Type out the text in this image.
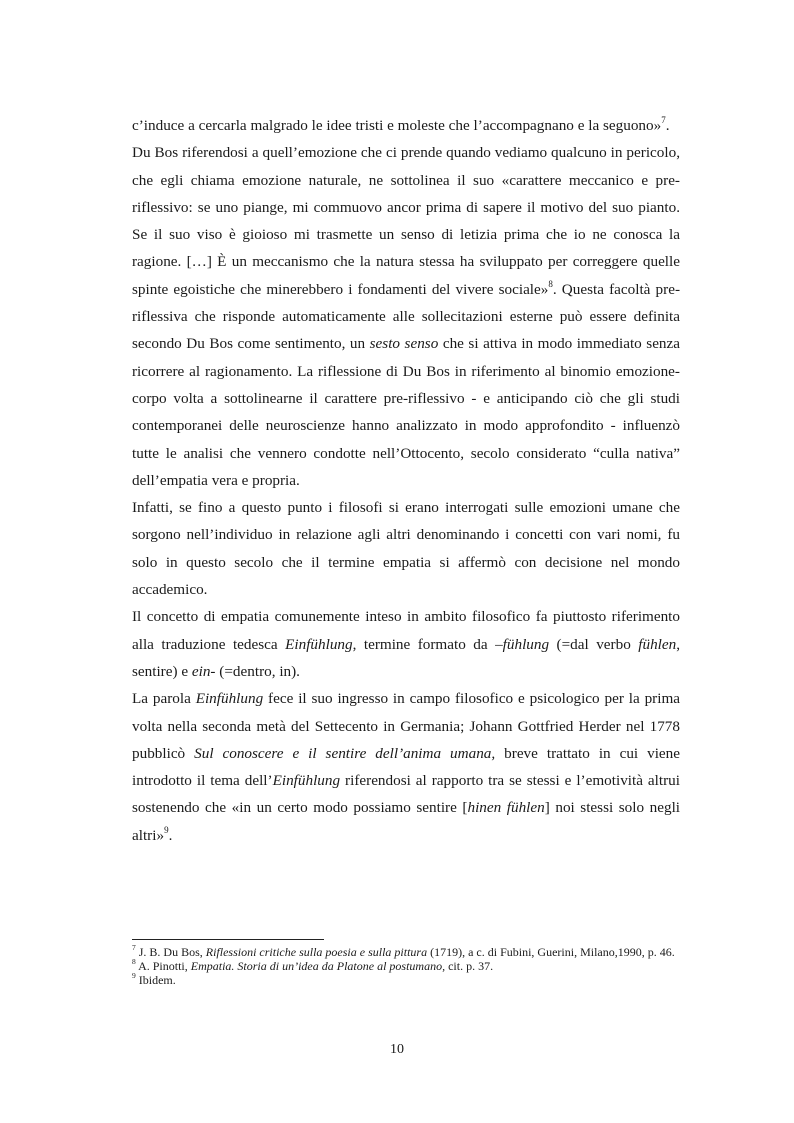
c’induce a cercarla malgrado le idee tristi e moleste che l’accompagnano e la seguono»$^7$.

Du Bos riferendosi a quell’emozione che ci prende quando vediamo qualcuno in pericolo, che egli chiama emozione naturale, ne sottolinea il suo «carattere meccanico e pre-riflessivo: se uno piange, mi commuovo ancor prima di sapere il motivo del suo pianto. Se il suo viso è gioioso mi trasmette un senso di letizia prima che io ne conosca la ragione. […] È un meccanismo che la natura stessa ha sviluppato per correggere quelle spinte egoistiche che minerebbero i fondamenti del vivere sociale»$^8$. Questa facoltà pre-riflessiva che risponde automaticamente alle sollecitazioni esterne può essere definita secondo Du Bos come sentimento, un sesto senso che si attiva in modo immediato senza ricorrere al ragionamento. La riflessione di Du Bos in riferimento al binomio emozione-corpo volta a sottolinearne il carattere pre-riflessivo - e anticipando ciò che gli studi contemporanei delle neuroscienze hanno analizzato in modo approfondito - influenzò tutte le analisi che vennero condotte nell’Ottocento, secolo considerato “culla nativa” dell’empatia vera e propria.

Infatti, se fino a questo punto i filosofi si erano interrogati sulle emozioni umane che sorgono nell’individuo in relazione agli altri denominando i concetti con vari nomi, fu solo in questo secolo che il termine empatia si affermò con decisione nel mondo accademico.

Il concetto di empatia comunemente inteso in ambito filosofico fa piuttosto riferimento alla traduzione tedesca Einfühlung, termine formato da –fühlung (=dal verbo fühlen, sentire) e ein- (=dentro, in).

La parola Einfühlung fece il suo ingresso in campo filosofico e psicologico per la prima volta nella seconda metà del Settecento in Germania; Johann Gottfried Herder nel 1778 pubblicò Sul conoscere e il sentire dell’anima umana, breve trattato in cui viene introdotto il tema dell’Einfühlung riferendosi al rapporto tra se stessi e l’emotività altrui sostenendo che «in un certo modo possiamo sentire [hinen fühlen] noi stessi solo negli altri»$^9$.

$^7$ J. B. Du Bos, Riflessioni critiche sulla poesia e sulla pittura (1719), a c. di Fubini, Guerini, Milano,1990, p. 46.

$^8$ A. Pinotti, Empatia. Storia di un’idea da Platone al postumano, cit. p. 37.

$^9$ Ibidem.

10
